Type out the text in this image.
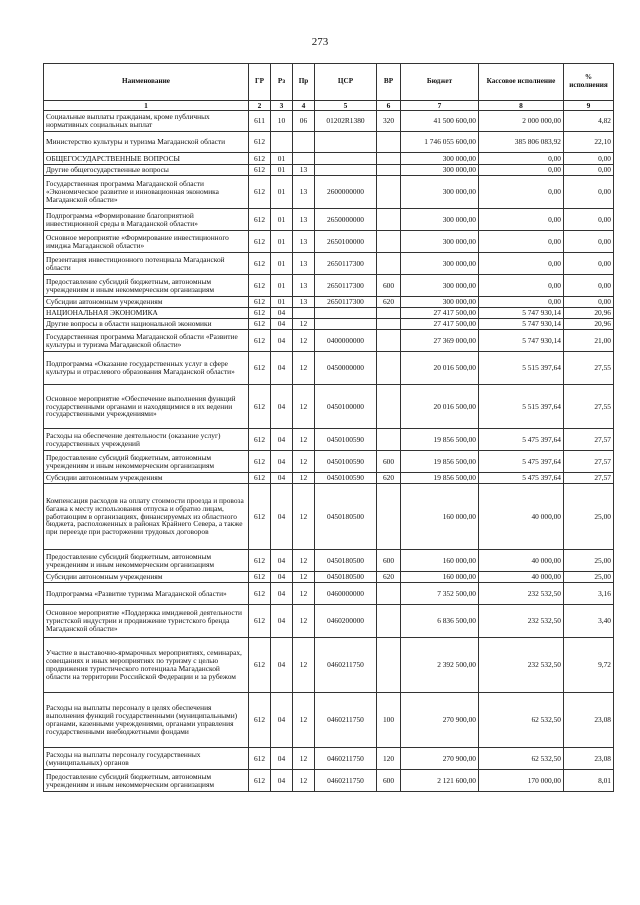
273
Наименование	ГР	Рз	Пр	ЦСР	ВР	Бюджет	Кассовое исполнение	% исполнения
1	2	3	4	5	6	7	8	9
Социальные выплаты гражданам, кроме публичных нормативных социальных выплат	611	10	06	01202R1380	320	41 500 600,00	2 000 000,00	4,82
Министерство культуры и туризма Магаданской области	612					1 746 055 600,00	385 806 083,92	22,10
ОБЩЕГОСУДАРСТВЕННЫЕ ВОПРОСЫ	612	01				300 000,00	0,00	0,00
Другие общегосударственные вопросы	612	01	13			300 000,00	0,00	0,00
Государственная программа Магаданской области «Экономическое развитие и инновационная экономика Магаданской области»	612	01	13	2600000000		300 000,00	0,00	0,00
Подпрограмма «Формирование благоприятной инвестиционной среды в Магаданской области»	612	01	13	2650000000		300 000,00	0,00	0,00
Основное мероприятие «Формирование инвестиционного имиджа Магаданской области»	612	01	13	2650100000		300 000,00	0,00	0,00
Презентация инвестиционного потенциала Магаданской области	612	01	13	2650117300		300 000,00	0,00	0,00
Предоставление субсидий бюджетным, автономным учреждениям и иным некоммерческим организациям	612	01	13	2650117300	600	300 000,00	0,00	0,00
Субсидии автономным учреждениям	612	01	13	2650117300	620	300 000,00	0,00	0,00
НАЦИОНАЛЬНАЯ ЭКОНОМИКА	612	04				27 417 500,00	5 747 930,14	20,96
Другие вопросы в области национальной экономики	612	04	12			27 417 500,00	5 747 930,14	20,96
Государственная программа Магаданской области «Развитие культуры и туризма Магаданской области»	612	04	12	0400000000		27 369 000,00	5 747 930,14	21,00
Подпрограмма «Оказание государственных услуг в сфере культуры и отраслевого образования Магаданской области»	612	04	12	0450000000		20 016 500,00	5 515 397,64	27,55
Основное мероприятие «Обеспечение выполнения функций государственными органами и находящимися в их ведении государственными учреждениями»	612	04	12	0450100000		20 016 500,00	5 515 397,64	27,55
Расходы на обеспечение деятельности (оказание услуг) государственных учреждений	612	04	12	0450100590		19 856 500,00	5 475 397,64	27,57
Предоставление субсидий бюджетным, автономным учреждениям и иным некоммерческим организациям	612	04	12	0450100590	600	19 856 500,00	5 475 397,64	27,57
Субсидии автономным учреждениям	612	04	12	0450100590	620	19 856 500,00	5 475 397,64	27,57
Компенсация расходов на оплату стоимости проезда и провоза багажа к месту использования отпуска и обратно лицам, работающим в организациях, финансируемых из областного бюджета, расположенных в районах Крайнего Севера, а также при переезде при расторжении трудовых договоров	612	04	12	0450180500		160 000,00	40 000,00	25,00
Предоставление субсидий бюджетным, автономным учреждениям и иным некоммерческим организациям	612	04	12	0450180500	600	160 000,00	40 000,00	25,00
Субсидии автономным учреждениям	612	04	12	0450180500	620	160 000,00	40 000,00	25,00
Подпрограмма «Развитие туризма Магаданской области»	612	04	12	0460000000		7 352 500,00	232 532,50	3,16
Основное мероприятие «Поддержка имиджевой деятельности туристской индустрии и продвижение туристского бренда Магаданской области»	612	04	12	0460200000		6 836 500,00	232 532,50	3,40
Участие в выставочно-ярмарочных мероприятиях, семинарах, совещаниях и иных мероприятиях по туризму с целью продвижения туристического потенциала Магаданской области на территории Российской Федерации и за рубежом	612	04	12	0460211750		2 392 500,00	232 532,50	9,72
Расходы на выплаты персоналу в целях обеспечения выполнения функций государственными (муниципальными) органами, казенными учреждениями, органами управления государственными внебюджетными фондами	612	04	12	0460211750	100	270 900,00	62 532,50	23,08
Расходы на выплаты персоналу государственных (муниципальных) органов	612	04	12	0460211750	120	270 900,00	62 532,50	23,08
Предоставление субсидий бюджетным, автономным учреждениям и иным некоммерческим организациям	612	04	12	0460211750	600	2 121 600,00	170 000,00	8,01
